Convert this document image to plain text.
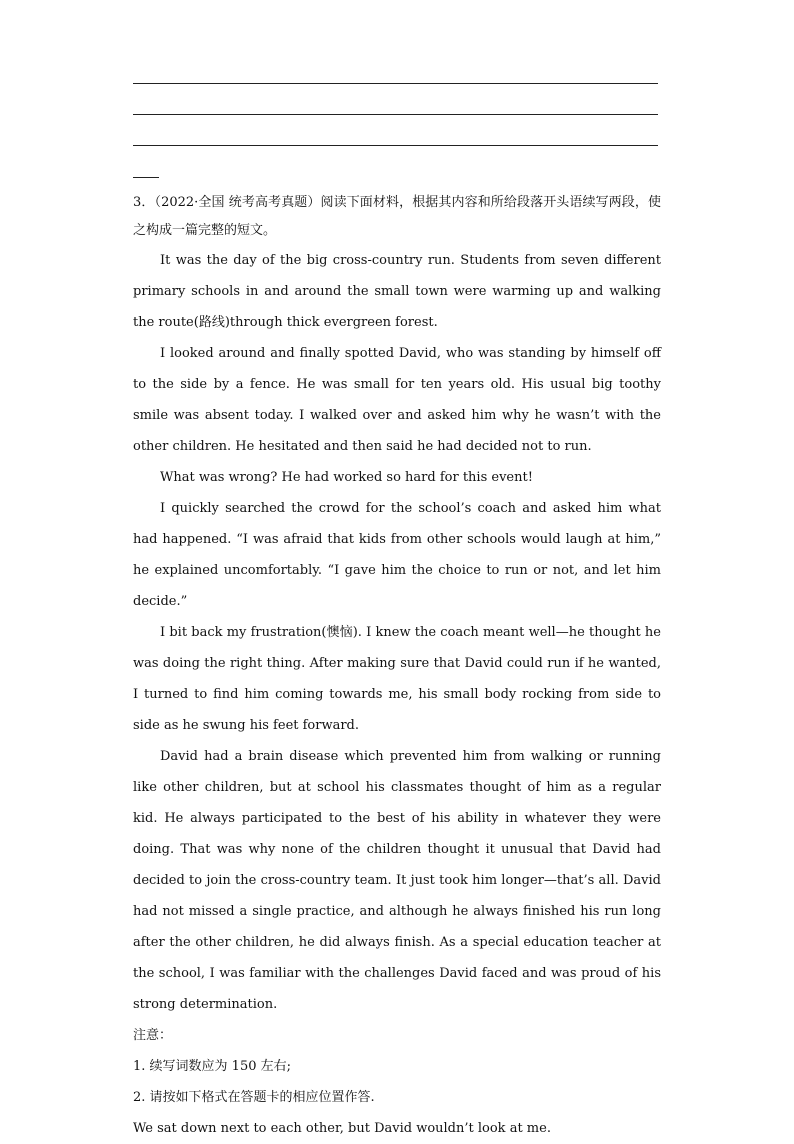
3．（2022·全国 统考高考真题）阅读下面材料，根据其内容和所给段落开头语续写两段，使之构成一篇完整的短文。

It was the day of the big cross-country run. Students from seven different primary schools in and around the small town were warming up and walking the route(路线)through thick evergreen forest.

I looked around and finally spotted David, who was standing by himself off to the side by a fence. He was small for ten years old. His usual big toothy smile was absent today. I walked over and asked him why he wasn’t with the other children. He hesitated and then said he had decided not to run.

What was wrong? He had worked so hard for this event!

I quickly searched the crowd for the school’s coach and asked him what had happened. “I was afraid that kids from other schools would laugh at him,” he explained uncomfortably. “I gave him the choice to run or not, and let him decide.”

I bit back my frustration(懊恼). I knew the coach meant well—he thought he was doing the right thing. After making sure that David could run if he wanted, I turned to find him coming towards me, his small body rocking from side to side as he swung his feet forward.

David had a brain disease which prevented him from walking or running like other children, but at school his classmates thought of him as a regular kid. He always participated to the best of his ability in whatever they were doing. That was why none of the children thought it unusual that David had decided to join the cross-country team. It just took him longer—that’s all. David had not missed a single practice, and although he always finished his run long after the other children, he did always finish. As a special education teacher at the school, I was familiar with the challenges David faced and was proud of his strong determination.

注意：

1. 续写词数应为 150 左右;

2. 请按如下格式在答题卡的相应位置作答.

We sat down next to each other, but David wouldn’t look at me.
